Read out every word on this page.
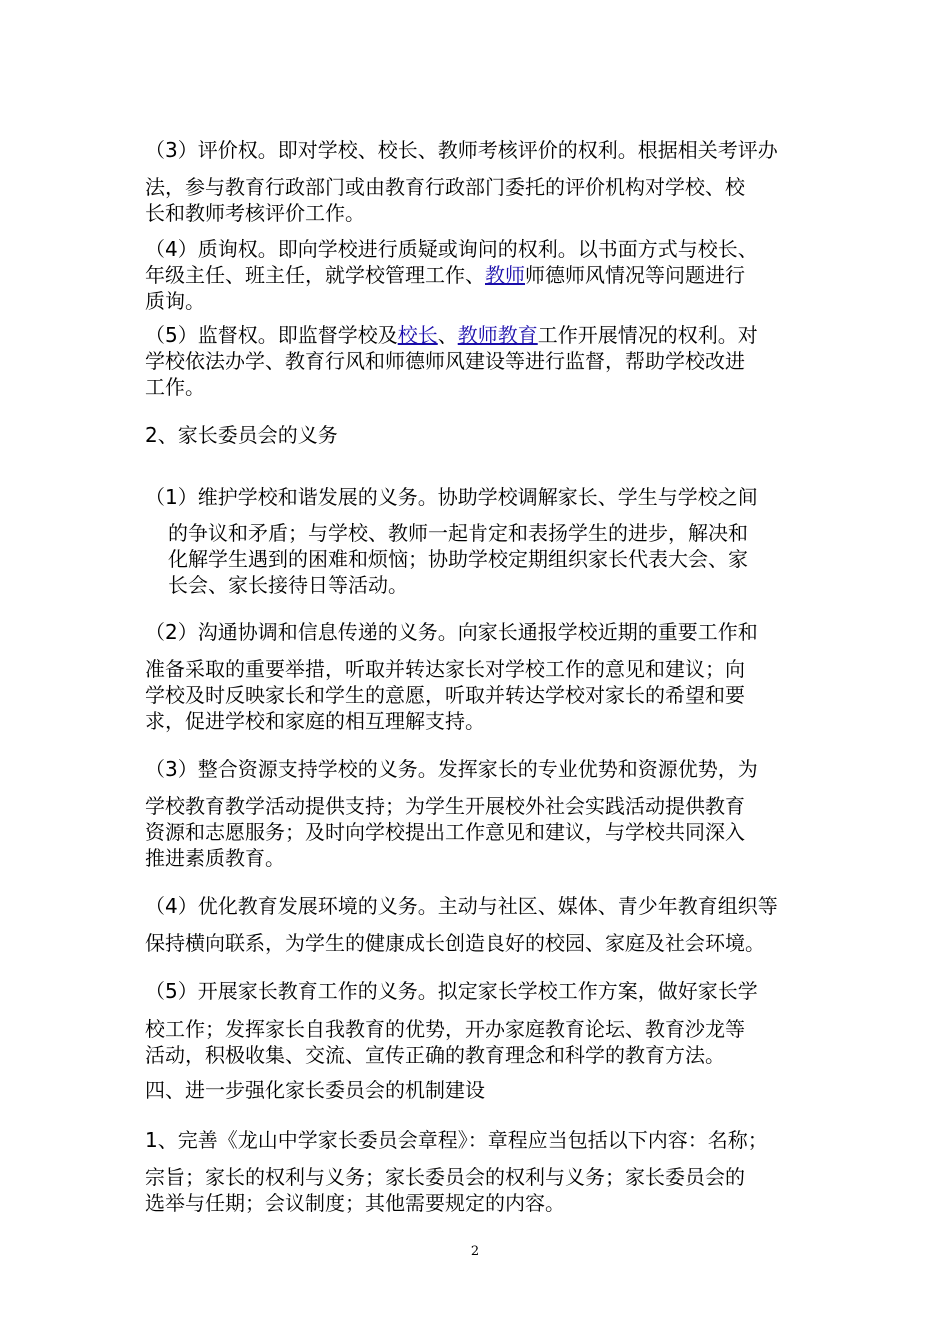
（3）评价权。即对学校、校长、教师考核评价的权利。根据相关考评办
法，参与教育行政部门或由教育行政部门委托的评价机构对学校、校
长和教师考核评价工作。
（4）质询权。即向学校进行质疑或询问的权利。以书面方式与校长、
年级主任、班主任，就学校管理工作、教师师德师风情况等问题进行
质询。
（5）监督权。即监督学校及校长、教师教育工作开展情况的权利。对
学校依法办学、教育行风和师德师风建设等进行监督，帮助学校改进
工作。
2、家长委员会的义务
（1）维护学校和谐发展的义务。协助学校调解家长、学生与学校之间
的争议和矛盾；与学校、教师一起肯定和表扬学生的进步，解决和
化解学生遇到的困难和烦恼；协助学校定期组织家长代表大会、家
长会、家长接待日等活动。
（2）沟通协调和信息传递的义务。向家长通报学校近期的重要工作和
准备采取的重要举措，听取并转达家长对学校工作的意见和建议；向
学校及时反映家长和学生的意愿，听取并转达学校对家长的希望和要
求，促进学校和家庭的相互理解支持。
（3）整合资源支持学校的义务。发挥家长的专业优势和资源优势，为
学校教育教学活动提供支持；为学生开展校外社会实践活动提供教育
资源和志愿服务；及时向学校提出工作意见和建议，与学校共同深入
推进素质教育。
（4）优化教育发展环境的义务。主动与社区、媒体、青少年教育组织等
保持横向联系，为学生的健康成长创造良好的校园、家庭及社会环境。
（5）开展家长教育工作的义务。拟定家长学校工作方案，做好家长学
校工作；发挥家长自我教育的优势，开办家庭教育论坛、教育沙龙等
活动，积极收集、交流、宣传正确的教育理念和科学的教育方法。
四、进一步强化家长委员会的机制建设
1、完善《龙山中学家长委员会章程》：章程应当包括以下内容：名称；
宗旨；家长的权利与义务；家长委员会的权利与义务；家长委员会的
选举与任期；会议制度；其他需要规定的内容。
2
